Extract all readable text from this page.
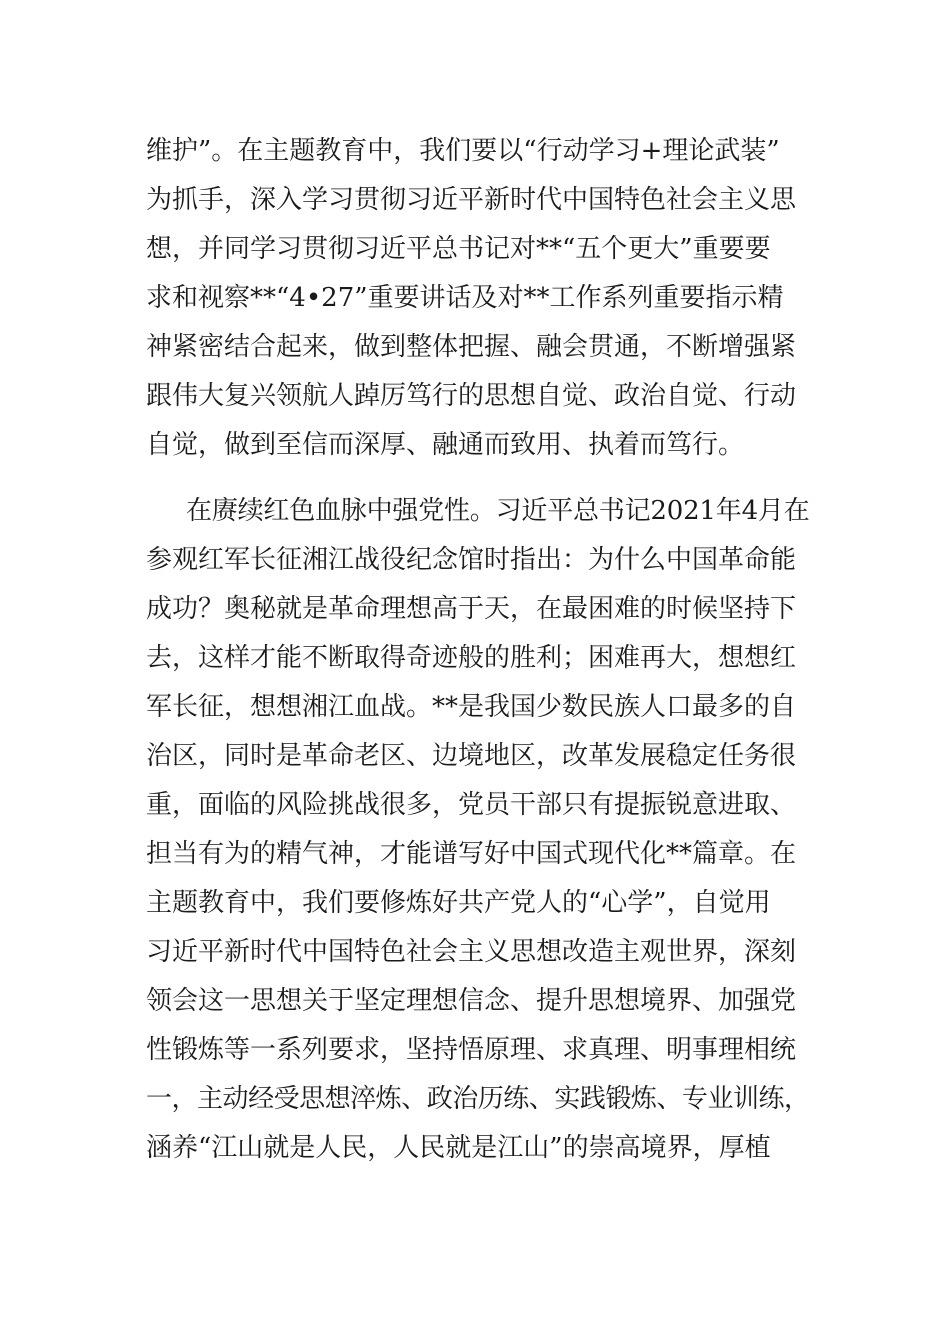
维护”。在主题教育中，我们要以“行动学习+理论武装”
为抓手，深入学习贯彻习近平新时代中国特色社会主义思
想，并同学习贯彻习近平总书记对**“五个更大”重要要
求和视察**“4•27”重要讲话及对**工作系列重要指示精
神紧密结合起来，做到整体把握、融会贯通，不断增强紧
跟伟大复兴领航人踔厉笃行的思想自觉、政治自觉、行动
自觉，做到至信而深厚、融通而致用、执着而笃行。
在赓续红色血脉中强党性。习近平总书记2021年4月在
参观红军长征湘江战役纪念馆时指出：为什么中国革命能
成功？奥秘就是革命理想高于天，在最困难的时候坚持下
去，这样才能不断取得奇迹般的胜利；困难再大，想想红
军长征，想想湘江血战。**是我国少数民族人口最多的自
治区，同时是革命老区、边境地区，改革发展稳定任务很
重，面临的风险挑战很多，党员干部只有提振锐意进取、
担当有为的精气神，才能谱写好中国式现代化**篇章。在
主题教育中，我们要修炼好共产党人的“心学”，自觉用
习近平新时代中国特色社会主义思想改造主观世界，深刻
领会这一思想关于坚定理想信念、提升思想境界、加强党
性锻炼等一系列要求，坚持悟原理、求真理、明事理相统
一，主动经受思想淬炼、政治历练、实践锻炼、专业训练，
涵养“江山就是人民，人民就是江山”的崇高境界，厚植
